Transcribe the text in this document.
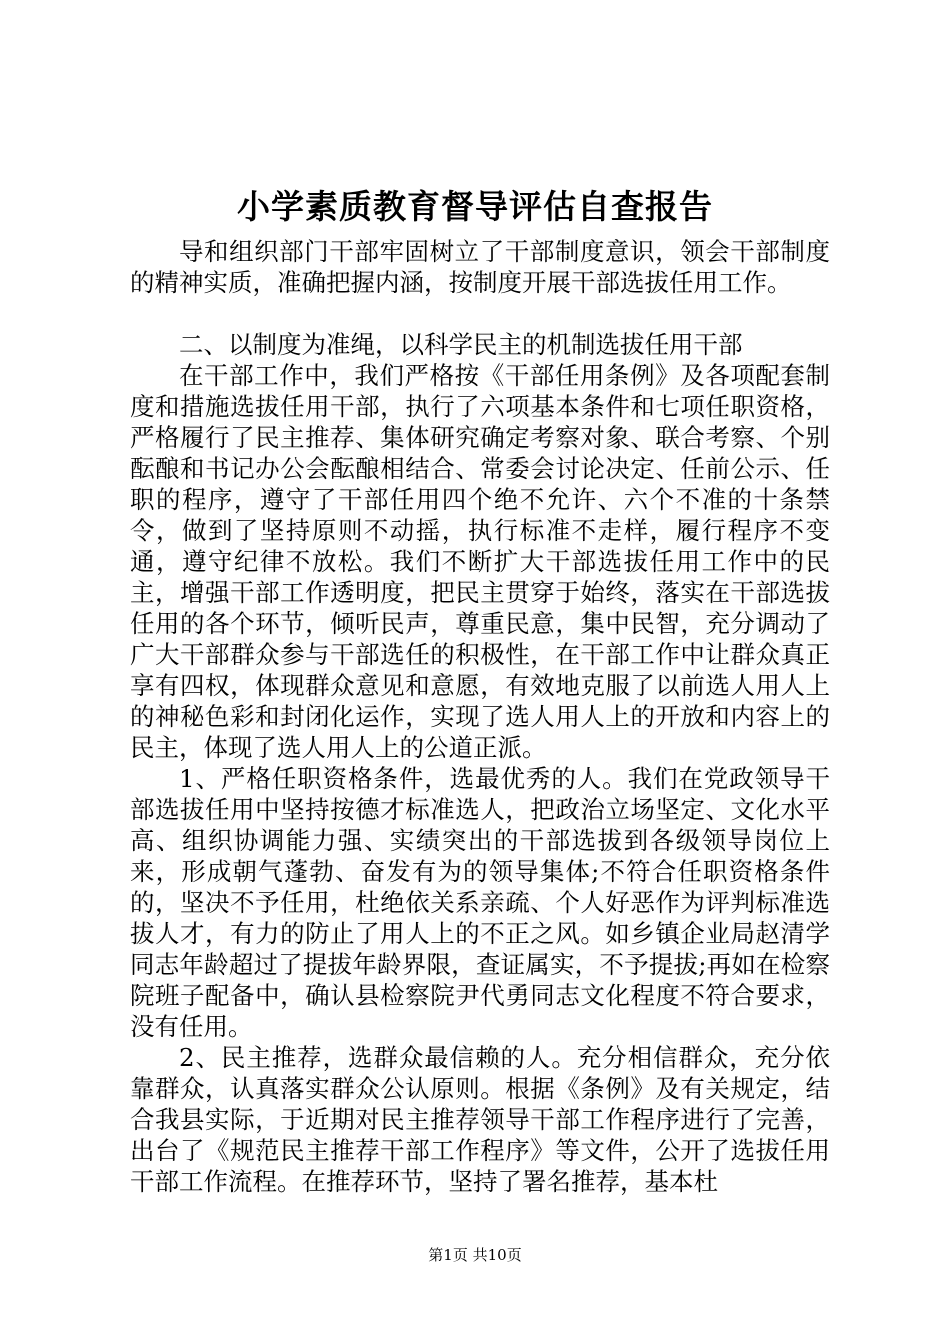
小学素质教育督导评估自查报告

导和组织部门干部牢固树立了干部制度意识，领会干部制度的精神实质，准确把握内涵，按制度开展干部选拔任用工作。

二、以制度为准绳，以科学民主的机制选拔任用干部

在干部工作中，我们严格按《干部任用条例》及各项配套制度和措施选拔任用干部，执行了六项基本条件和七项任职资格，严格履行了民主推荐、集体研究确定考察对象、联合考察、个别酝酿和书记办公会酝酿相结合、常委会讨论决定、任前公示、任职的程序，遵守了干部任用四个绝不允许、六个不准的十条禁令，做到了坚持原则不动摇，执行标准不走样，履行程序不变通，遵守纪律不放松。我们不断扩大干部选拔任用工作中的民主，增强干部工作透明度，把民主贯穿于始终，落实在干部选拔任用的各个环节，倾听民声，尊重民意，集中民智，充分调动了广大干部群众参与干部选任的积极性，在干部工作中让群众真正享有四权，体现群众意见和意愿，有效地克服了以前选人用人上的神秘色彩和封闭化运作，实现了选人用人上的开放和内容上的民主，体现了选人用人上的公道正派。

1、严格任职资格条件，选最优秀的人。我们在党政领导干部选拔任用中坚持按德才标准选人，把政治立场坚定、文化水平高、组织协调能力强、实绩突出的干部选拔到各级领导岗位上来，形成朝气蓬勃、奋发有为的领导集体;不符合任职资格条件的，坚决不予任用，杜绝依关系亲疏、个人好恶作为评判标准选拔人才，有力的防止了用人上的不正之风。如乡镇企业局赵清学同志年龄超过了提拔年龄界限，查证属实，不予提拔;再如在检察院班子配备中，确认县检察院尹代勇同志文化程度不符合要求，没有任用。

2、民主推荐，选群众最信赖的人。充分相信群众，充分依靠群众，认真落实群众公认原则。根据《条例》及有关规定，结合我县实际，于近期对民主推荐领导干部工作程序进行了完善，出台了《规范民主推荐干部工作程序》等文件，公开了选拔任用干部工作流程。在推荐环节，坚持了署名推荐，基本杜

第1页 共10页
